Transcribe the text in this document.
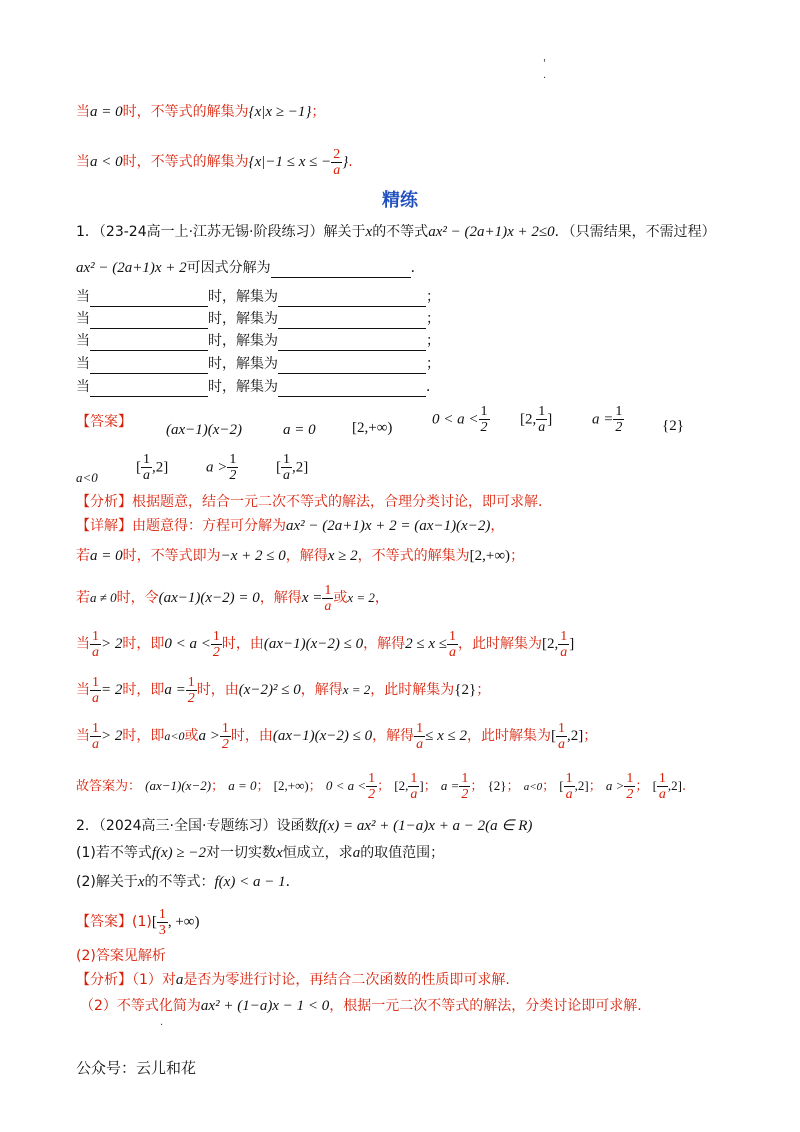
'
.
当a = 0时，不等式的解集为{x|x ≥ −1}；
当a < 0时，不等式的解集为{x|−1 ≤ x ≤ − $\frac{2}{a}$ }.
精练
1．（23-24高一上·江苏无锡·阶段练习）解关于x的不等式ax² − (2a+1)x + 2≤0．（只需结果，不需过程）
ax² − (2a+1)x + 2可因式分解为	．
当	时，解集为	；
当	时，解集为	；
当	时，解集为	；
当	时，解集为	；
当	时，解集为	．
【答案】 (ax−1)(x−2)	a = 0 [2,+∞)
$0 < a < \frac{1}{2} [2$, $\frac{1}{a}$ ]	$a = \frac{1}{2}$	{2}
a<0
[ $\frac{1}{a} ,2$]	$a > \frac{1}{2}$	[ $\frac{1}{a} ,2$]
【分析】根据题意，结合一元二次不等式的解法，合理分类讨论，即可求解.
【详解】由题意得：方程可分解为ax² − (2a+1)x + 2 = (ax−1)(x−2)，
若a = 0时，不等式即为−x + 2 ≤ 0，解得x ≥ 2，不等式的解集为[2,+∞)；
若a ≠ 0时，令(ax−1)(x−2) = 0，解得$x = \frac{1}{a}$ 或x = 2，
当 $\frac{1}{a} > 2$时，即$0 < a < \frac{1}{2}$ 时，由(ax−1)(x−2) ≤ 0，解得$2 \le x \le \frac{1}{a}$ ，此时解集为[2, $\frac{1}{a}$ ]
当 $\frac{1}{a} = 2$时，即$a = \frac{1}{2}$ 时，由(x−2)² ≤ 0，解得x = 2，此时解集为{2}；
当 $\frac{1}{a} > 2$时，即a<0或$a > \frac{1}{2}$ 时，由(ax−1)(x−2) ≤ 0，解得 $\frac{1}{a} \le x \le 2$，此时解集为[ $\frac{1}{a} ,2$]；
故答案为： (ax−1)(x−2)； a = 0； [2,+∞)； $0 < a < \frac{1}{2}$ ； [2, $\frac{1}{a}$ ]； $a = \frac{1}{2}$ ； {2}； a<0； [ $\frac{1}{a} ,2$]； $a > \frac{1}{2}$ ； [ $\frac{1}{a} ,2$].
2．（2024高三·全国·专题练习）设函数f(x) = ax² + (1−a)x + a − 2(a ∈ R)
(1)若不等式f(x) ≥ −2对一切实数x恒成立，求a的取值范围；
(2)解关于x的不等式：f(x) < a − 1．
【答案】$(1)[ \frac{1}{3}$ , +∞)
(2)答案见解析
【分析】（1）对a是否为零进行讨论，再结合二次函数的性质即可求解.
（2）不等式化简为ax² + (1−a)x − 1 < 0，根据一元二次不等式的解法，分类讨论即可求解.
·
公众号：云儿和花
